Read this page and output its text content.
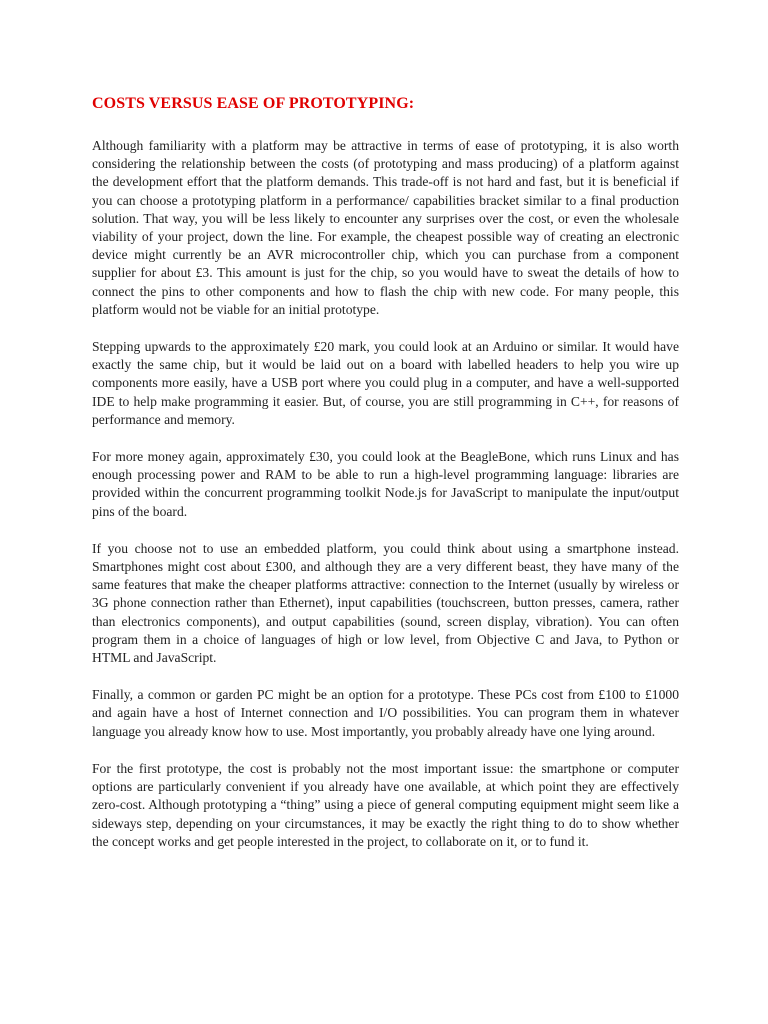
COSTS VERSUS EASE OF PROTOTYPING:

Although familiarity with a platform may be attractive in terms of ease of prototyping, it is also worth considering the relationship between the costs (of prototyping and mass producing) of a platform against the development effort that the platform demands. This trade-off is not hard and fast, but it is beneficial if you can choose a prototyping platform in a performance/ capabilities bracket similar to a final production solution. That way, you will be less likely to encounter any surprises over the cost, or even the wholesale viability of your project, down the line. For example, the cheapest possible way of creating an electronic device might currently be an AVR microcontroller chip, which you can purchase from a component supplier for about £3. This amount is just for the chip, so you would have to sweat the details of how to connect the pins to other components and how to flash the chip with new code. For many people, this platform would not be viable for an initial prototype.

Stepping upwards to the approximately £20 mark, you could look at an Arduino or similar. It would have exactly the same chip, but it would be laid out on a board with labelled headers to help you wire up components more easily, have a USB port where you could plug in a computer, and have a well-supported IDE to help make programming it easier. But, of course, you are still programming in C++, for reasons of performance and memory.

For more money again, approximately £30, you could look at the BeagleBone, which runs Linux and has enough processing power and RAM to be able to run a high-level programming language: libraries are provided within the concurrent programming toolkit Node.js for JavaScript to manipulate the input/output pins of the board.

If you choose not to use an embedded platform, you could think about using a smartphone instead. Smartphones might cost about £300, and although they are a very different beast, they have many of the same features that make the cheaper platforms attractive: connection to the Internet (usually by wireless or 3G phone connection rather than Ethernet), input capabilities (touchscreen, button presses, camera, rather than electronics components), and output capabilities (sound, screen display, vibration). You can often program them in a choice of languages of high or low level, from Objective C and Java, to Python or HTML and JavaScript.

Finally, a common or garden PC might be an option for a prototype. These PCs cost from £100 to £1000 and again have a host of Internet connection and I/O possibilities. You can program them in whatever language you already know how to use. Most importantly, you probably already have one lying around.

For the first prototype, the cost is probably not the most important issue: the smartphone or computer options are particularly convenient if you already have one available, at which point they are effectively zero-cost. Although prototyping a “thing” using a piece of general computing equipment might seem like a sideways step, depending on your circumstances, it may be exactly the right thing to do to show whether the concept works and get people interested in the project, to collaborate on it, or to fund it.
